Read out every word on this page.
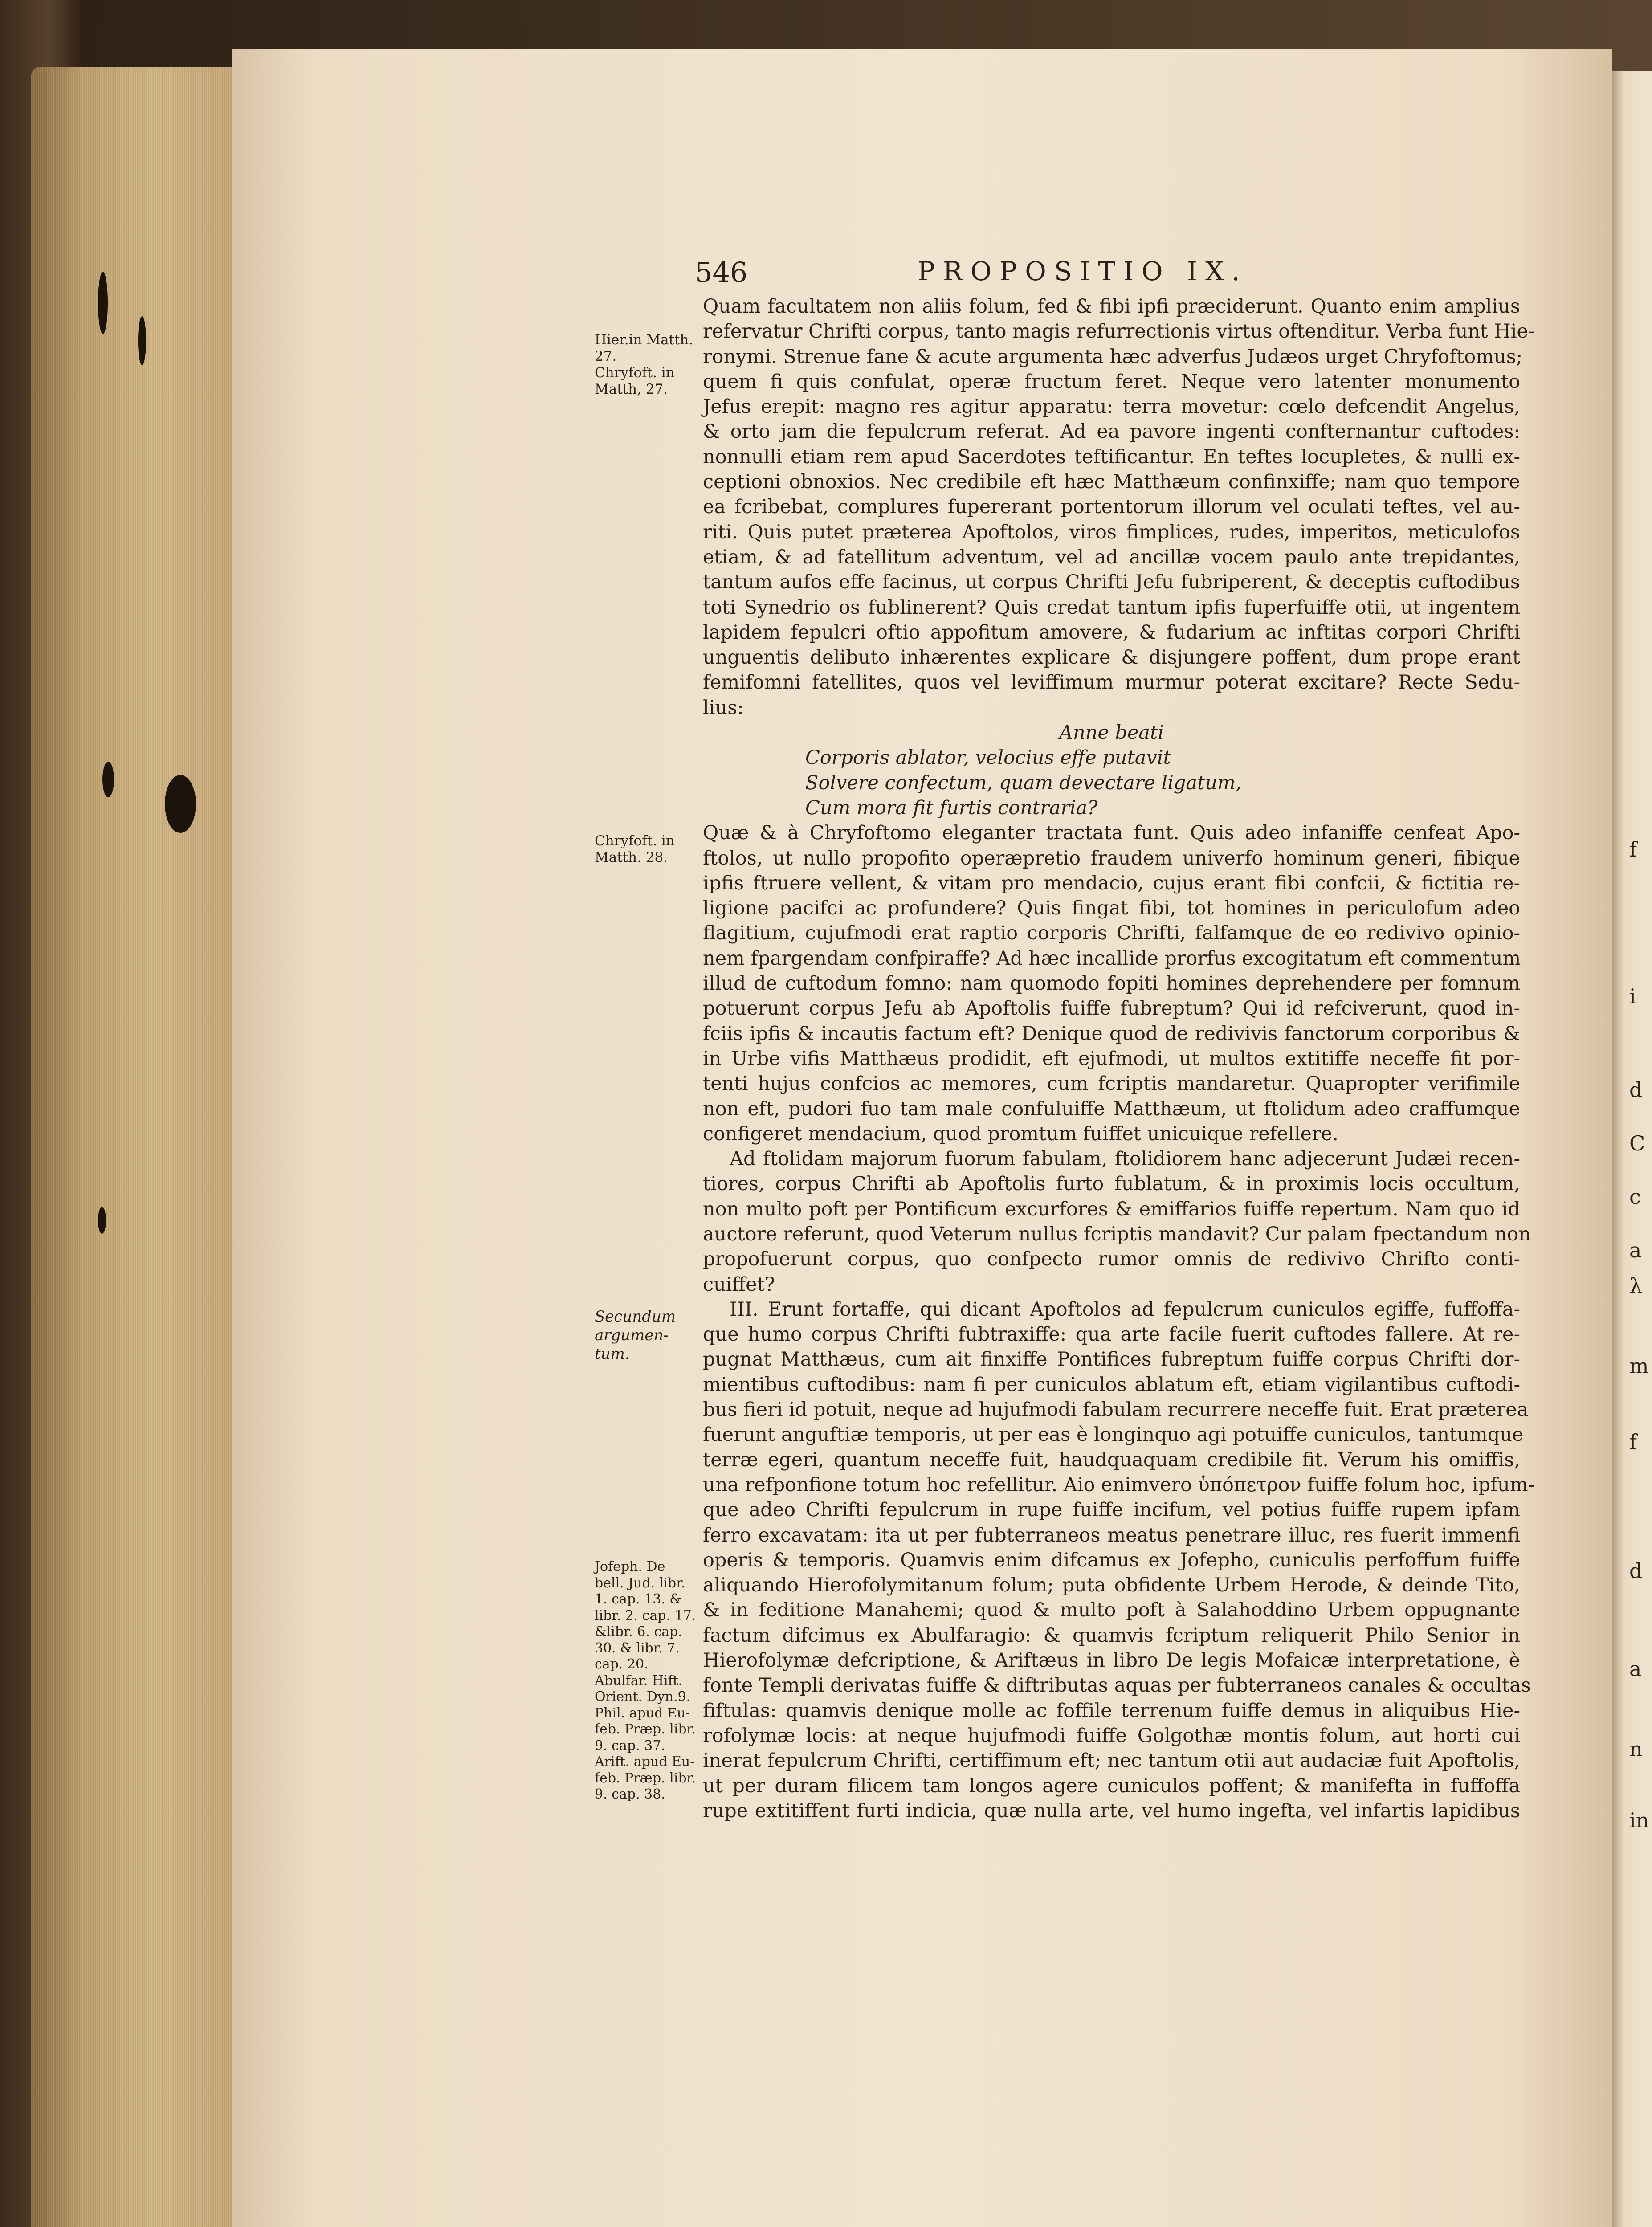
f
i
d
C
c
a
λ
m
f
d
a
n
in
546	PROPOSITIO IX.
Hier.in Matth.
27.
Chryfoft. in
Matth, 27.
Chryfoft. in
Matth. 28.
Secundum
argumen-
tum.
Jofeph. De
bell. Jud. libr.
1. cap. 13. &
libr. 2. cap. 17.
&libr. 6. cap.
30. & libr. 7.
cap. 20.
Abulfar. Hift.
Orient. Dyn.9.
Phil. apud Eu-
feb. Præp. libr.
9. cap. 37.
Arift. apud Eu-
feb. Præp. libr.
9. cap. 38.
Quam facultatem non aliis folum, fed & fibi ipfi præciderunt. Quanto enim amplius
refervatur Chrifti corpus, tanto magis refurrectionis virtus oftenditur. Verba funt Hie-
ronymi. Strenue fane & acute argumenta hæc adverfus Judæos urget Chryfoftomus;
quem fi quis confulat, operæ fructum feret. Neque vero latenter monumento
Jefus erepit: magno res agitur apparatu: terra movetur: cœlo defcendit Angelus,
& orto jam die fepulcrum referat. Ad ea pavore ingenti confternantur cuftodes:
nonnulli etiam rem apud Sacerdotes teftificantur. En teftes locupletes, & nulli ex-
ceptioni obnoxios. Nec credibile eft hæc Matthæum confinxiffe; nam quo tempore
ea fcribebat, complures fupererant portentorum illorum vel oculati teftes, vel au-
riti. Quis putet præterea Apoftolos, viros fimplices, rudes, imperitos, meticulofos
etiam, & ad fatellitum adventum, vel ad ancillæ vocem paulo ante trepidantes,
tantum aufos effe facinus, ut corpus Chrifti Jefu fubriperent, & deceptis cuftodibus
toti Synedrio os fublinerent? Quis credat tantum ipfis fuperfuiffe otii, ut ingentem
lapidem fepulcri oftio appofitum amovere, & fudarium ac inftitas corpori Chrifti
unguentis delibuto inhærentes explicare & disjungere poffent, dum prope erant
femifomni fatellites, quos vel leviffimum murmur poterat excitare? Recte Sedu-
lius:
Anne beati
Corporis ablator, velocius effe putavit
Solvere confectum, quam devectare ligatum,
Cum mora fit furtis contraria?
Quæ & à Chryfoftomo eleganter tractata funt. Quis adeo infaniffe cenfeat Apo-
ftolos, ut nullo propofito operæpretio fraudem univerfo hominum generi, fibique
ipfis ftruere vellent, & vitam pro mendacio, cujus erant fibi confcii, & fictitia re-
ligione pacifci ac profundere? Quis fingat fibi, tot homines in periculofum adeo
flagitium, cujufmodi erat raptio corporis Chrifti, falfamque de eo redivivo opinio-
nem fpargendam confpiraffe? Ad hæc incallide prorfus excogitatum eft commentum
illud de cuftodum fomno: nam quomodo fopiti homines deprehendere per fomnum
potuerunt corpus Jefu ab Apoftolis fuiffe fubreptum? Qui id refciverunt, quod in-
fciis ipfis & incautis factum eft? Denique quod de redivivis fanctorum corporibus &
in Urbe vifis Matthæus prodidit, eft ejufmodi, ut multos extitiffe neceffe fit por-
tenti hujus confcios ac memores, cum fcriptis mandaretur. Quapropter verifimile
non eft, pudori fuo tam male confuluiffe Matthæum, ut ftolidum adeo craffumque
configeret mendacium, quod promtum fuiffet unicuique refellere.
Ad ftolidam majorum fuorum fabulam, ftolidiorem hanc adjecerunt Judæi recen-
tiores, corpus Chrifti ab Apoftolis furto fublatum, & in proximis locis occultum,
non multo poft per Pontificum excurfores & emiffarios fuiffe repertum. Nam quo id
auctore referunt, quod Veterum nullus fcriptis mandavit? Cur palam fpectandum non
propofuerunt corpus, quo confpecto rumor omnis de redivivo Chrifto conti-
cuiffet?
III. Erunt fortaffe, qui dicant Apoftolos ad fepulcrum cuniculos egiffe, fuffoffa-
que humo corpus Chrifti fubtraxiffe: qua arte facile fuerit cuftodes fallere. At re-
pugnat Matthæus, cum ait finxiffe Pontifices fubreptum fuiffe corpus Chrifti dor-
mientibus cuftodibus: nam fi per cuniculos ablatum eft, etiam vigilantibus cuftodi-
bus fieri id potuit, neque ad hujufmodi fabulam recurrere neceffe fuit. Erat præterea
fuerunt anguftiæ temporis, ut per eas è longinquo agi potuiffe cuniculos, tantumque
terræ egeri, quantum neceffe fuit, haudquaquam credibile fit. Verum his omiffis,
una refponfione totum hoc refellitur. Aio enimvero ὑπόπετρον fuiffe folum hoc, ipfum-
que adeo Chrifti fepulcrum in rupe fuiffe incifum, vel potius fuiffe rupem ipfam
ferro excavatam: ita ut per fubterraneos meatus penetrare illuc, res fuerit immenfi
operis & temporis. Quamvis enim difcamus ex Jofepho, cuniculis perfoffum fuiffe
aliquando Hierofolymitanum folum; puta obfidente Urbem Herode, & deinde Tito,
& in feditione Manahemi; quod & multo poft à Salahoddino Urbem oppugnante
factum difcimus ex Abulfaragio: & quamvis fcriptum reliquerit Philo Senior in
Hierofolymæ defcriptione, & Ariftæus in libro De legis Mofaicæ interpretatione, è
fonte Templi derivatas fuiffe & diftributas aquas per fubterraneos canales & occultas
fiftulas: quamvis denique molle ac foffile terrenum fuiffe demus in aliquibus Hie-
rofolymæ locis: at neque hujufmodi fuiffe Golgothæ montis folum, aut horti cui
inerat fepulcrum Chrifti, certiffimum eft; nec tantum otii aut audaciæ fuit Apoftolis,
ut per duram filicem tam longos agere cuniculos poffent; & manifefta in fuffoffa
rupe extitiffent furti indicia, quæ nulla arte, vel humo ingefta, vel infartis lapidibus
